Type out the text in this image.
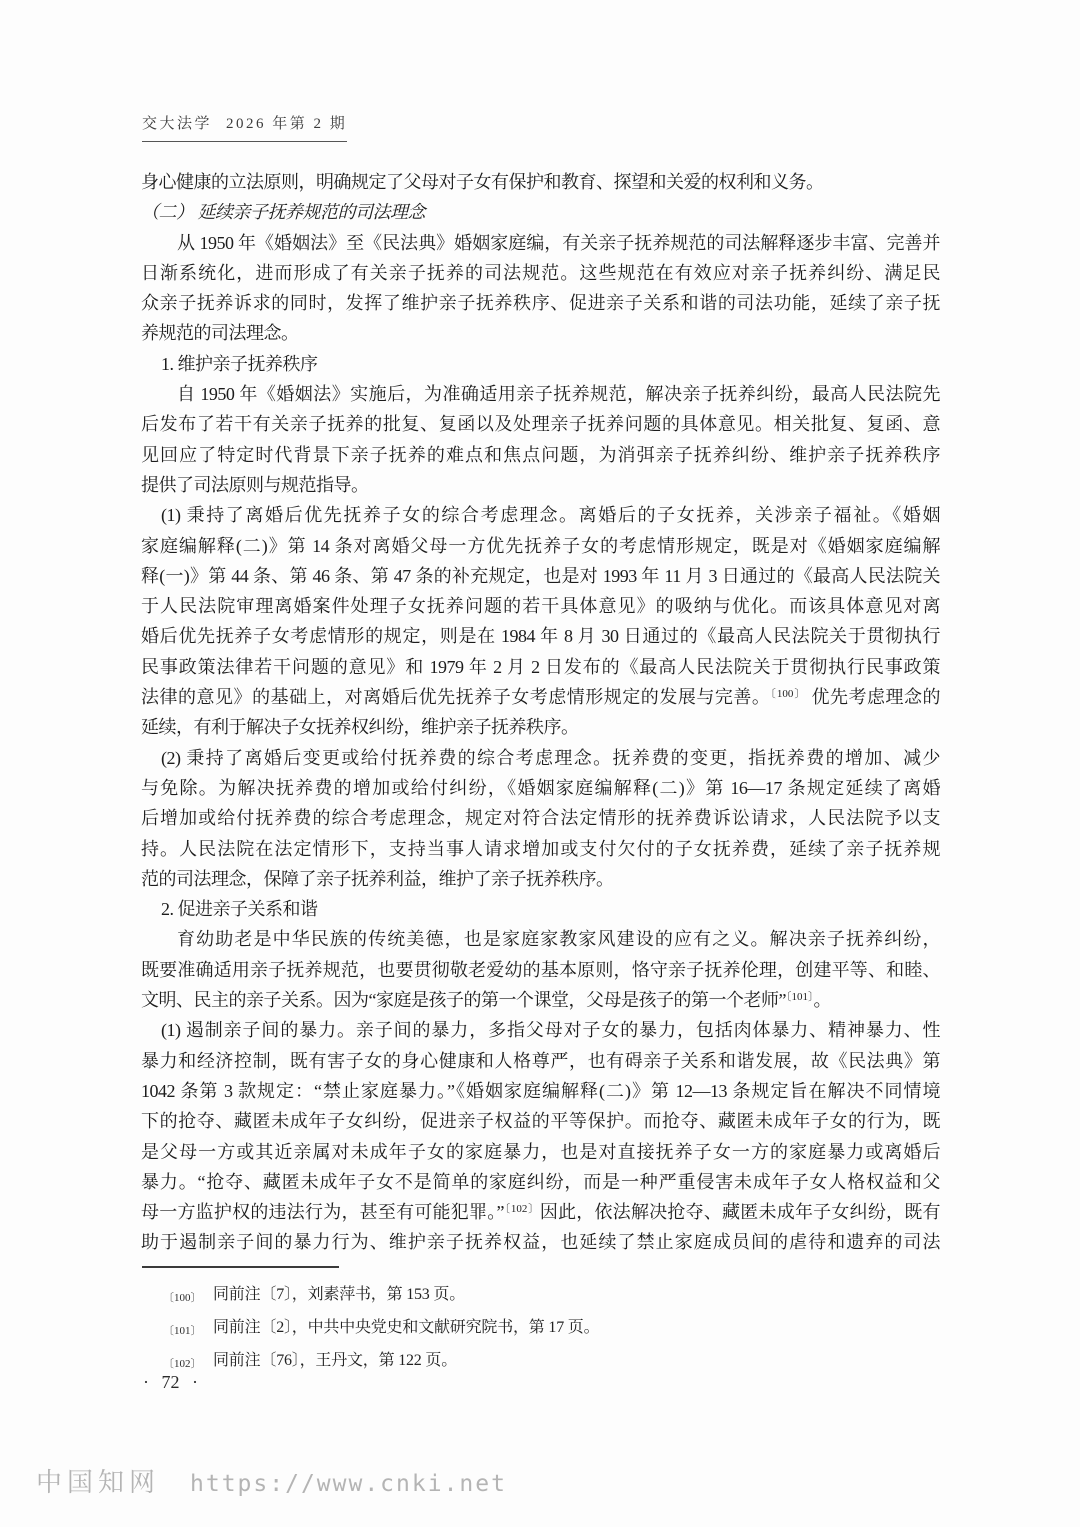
交大法学 2026 年第 2 期
身心健康的立法原则，明确规定了父母对子女有保护和教育、探望和关爱的权利和义务。
（二） 延续亲子抚养规范的司法理念
从 1950 年《婚姻法》至《民法典》婚姻家庭编，有关亲子抚养规范的司法解释逐步丰富、完善并
日渐系统化，进而形成了有关亲子抚养的司法规范。这些规范在有效应对亲子抚养纠纷、满足民
众亲子抚养诉求的同时，发挥了维护亲子抚养秩序、促进亲子关系和谐的司法功能，延续了亲子抚
养规范的司法理念。
1. 维护亲子抚养秩序
自 1950 年《婚姻法》实施后，为准确适用亲子抚养规范，解决亲子抚养纠纷，最高人民法院先
后发布了若干有关亲子抚养的批复、复函以及处理亲子抚养问题的具体意见。相关批复、复函、意
见回应了特定时代背景下亲子抚养的难点和焦点问题，为消弭亲子抚养纠纷、维护亲子抚养秩序
提供了司法原则与规范指导。
(1) 秉持了离婚后优先抚养子女的综合考虑理念。离婚后的子女抚养，关涉亲子福祉。《婚姻
家庭编解释(二)》第 14 条对离婚父母一方优先抚养子女的考虑情形规定，既是对《婚姻家庭编解
释(一)》第 44 条、第 46 条、第 47 条的补充规定，也是对 1993 年 11 月 3 日通过的《最高人民法院关
于人民法院审理离婚案件处理子女抚养问题的若干具体意见》的吸纳与优化。而该具体意见对离
婚后优先抚养子女考虑情形的规定，则是在 1984 年 8 月 30 日通过的《最高人民法院关于贯彻执行
民事政策法律若干问题的意见》和 1979 年 2 月 2 日发布的《最高人民法院关于贯彻执行民事政策
法律的意见》的基础上，对离婚后优先抚养子女考虑情形规定的发展与完善。$^{〔100〕}$ 优先考虑理念的
延续，有利于解决子女抚养权纠纷，维护亲子抚养秩序。
(2) 秉持了离婚后变更或给付抚养费的综合考虑理念。抚养费的变更，指抚养费的增加、减少
与免除。为解决抚养费的增加或给付纠纷，《婚姻家庭编解释(二)》第 16—17 条规定延续了离婚
后增加或给付抚养费的综合考虑理念，规定对符合法定情形的抚养费诉讼请求，人民法院予以支
持。人民法院在法定情形下，支持当事人请求增加或支付欠付的子女抚养费，延续了亲子抚养规
范的司法理念，保障了亲子抚养利益，维护了亲子抚养秩序。
2. 促进亲子关系和谐
育幼助老是中华民族的传统美德，也是家庭家教家风建设的应有之义。解决亲子抚养纠纷，
既要准确适用亲子抚养规范，也要贯彻敬老爱幼的基本原则，恪守亲子抚养伦理，创建平等、和睦、
文明、民主的亲子关系。因为“家庭是孩子的第一个课堂，父母是孩子的第一个老师”$^{〔101〕}$。
(1) 遏制亲子间的暴力。亲子间的暴力，多指父母对子女的暴力，包括肉体暴力、精神暴力、性
暴力和经济控制，既有害子女的身心健康和人格尊严，也有碍亲子关系和谐发展，故《民法典》第
1042 条第 3 款规定：“禁止家庭暴力。”《婚姻家庭编解释(二)》第 12—13 条规定旨在解决不同情境
下的抢夺、藏匿未成年子女纠纷，促进亲子权益的平等保护。而抢夺、藏匿未成年子女的行为，既
是父母一方或其近亲属对未成年子女的家庭暴力，也是对直接抚养子女一方的家庭暴力或离婚后
暴力。“抢夺、藏匿未成年子女不是简单的家庭纠纷，而是一种严重侵害未成年子女人格权益和父
母一方监护权的违法行为，甚至有可能犯罪。”$^{〔102〕}$因此，依法解决抢夺、藏匿未成年子女纠纷，既有
助于遏制亲子间的暴力行为、维护亲子抚养权益，也延续了禁止家庭成员间的虐待和遗弃的司法
〔100〕 同前注〔7〕，刘素萍书，第 153 页。
〔101〕 同前注〔2〕，中共中央党史和文献研究院书，第 17 页。
〔102〕 同前注〔76〕，王丹文，第 122 页。
· 72 ·
中国知网 https://www.cnki.net
